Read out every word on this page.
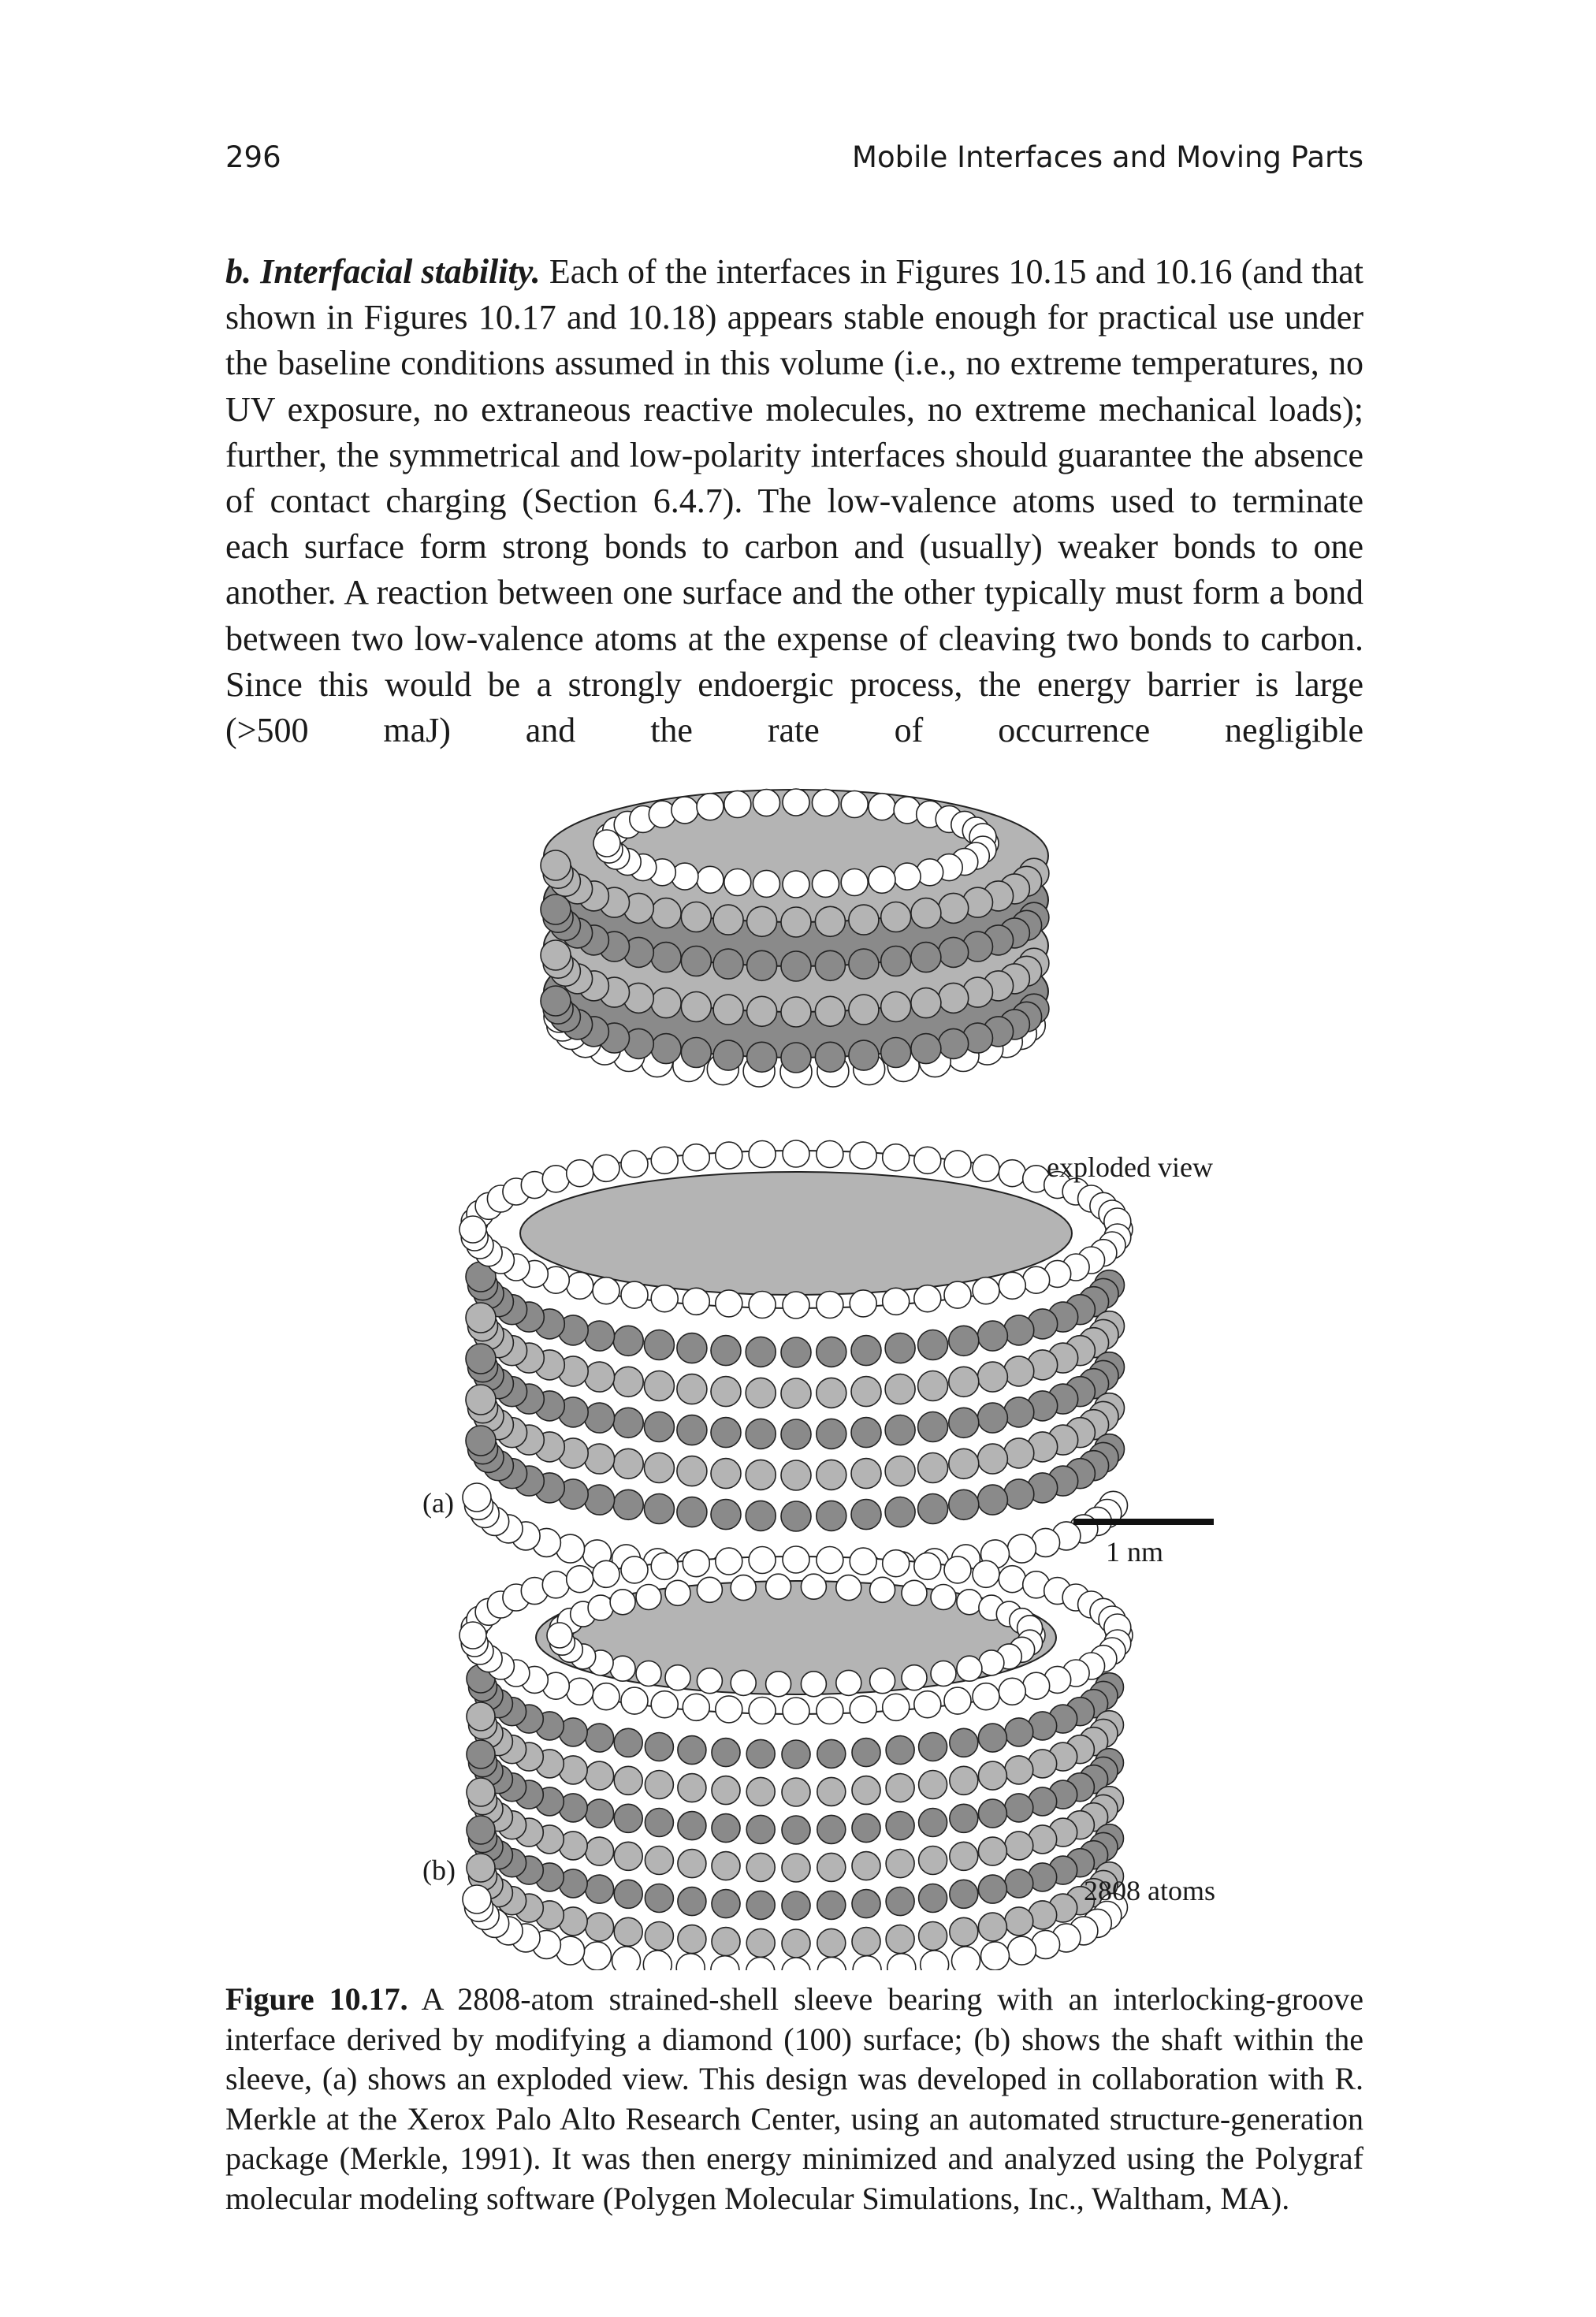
296	Mobile Interfaces and Moving Parts

b. Interfacial stability. Each of the interfaces in Figures 10.15 and 10.16 (and that shown in Figures 10.17 and 10.18) appears stable enough for practical use under the baseline conditions assumed in this volume (i.e., no extreme temperatures, no UV exposure, no extraneous reactive molecules, no extreme mechanical loads); further, the symmetrical and low-polarity interfaces should guarantee the absence of contact charging (Section 6.4.7). The low-valence atoms used to terminate each surface form strong bonds to carbon and (usually) weaker bonds to one another. A reaction between one surface and the other typically must form a bond between two low-valence atoms at the expense of cleaving two bonds to carbon. Since this would be a strongly endoergic process, the energy barrier is large (>500 maJ) and the rate of occurrence negligible

exploded view
(a)
1 nm
(b)
2808 atoms

Figure 10.17. A 2808-atom strained-shell sleeve bearing with an interlocking-groove interface derived by modifying a diamond (100) surface; (b) shows the shaft within the sleeve, (a) shows an exploded view. This design was developed in collaboration with R. Merkle at the Xerox Palo Alto Research Center, using an automated structure-generation package (Merkle, 1991). It was then energy minimized and analyzed using the Polygraf molecular modeling software (Polygen Molecular Simulations, Inc., Waltham, MA).
